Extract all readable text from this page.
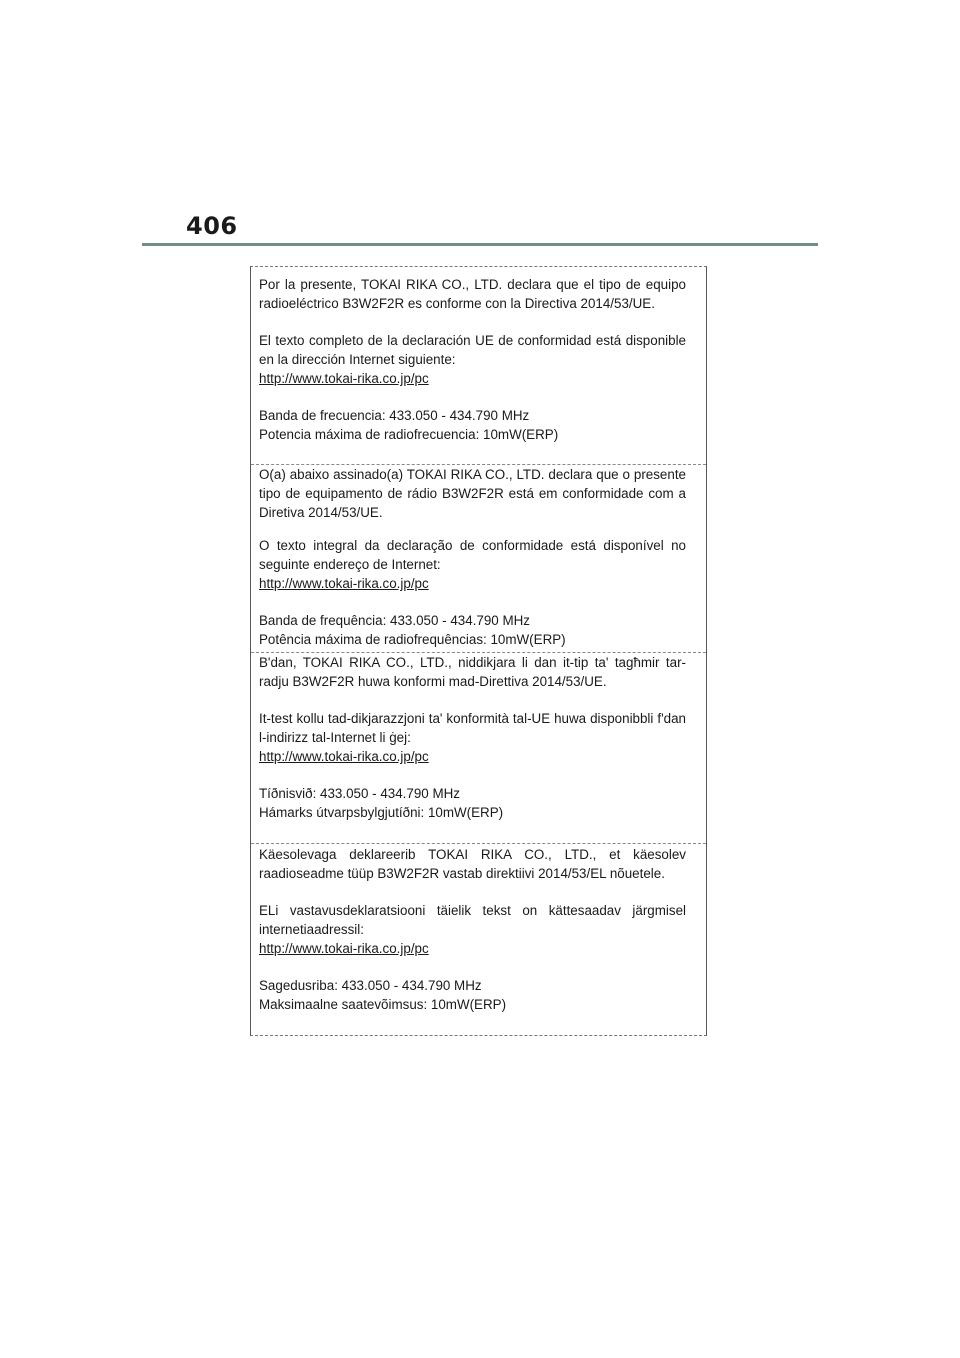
406

Por la presente, TOKAI RIKA CO., LTD. declara que el tipo de equipo radioeléctrico B3W2F2R es conforme con la Directiva 2014/53/UE.

El texto completo de la declaración UE de conformidad está disponible en la dirección Internet siguiente:

http://www.tokai-rika.co.jp/pc

Banda de frecuencia: 433.050 - 434.790 MHz

Potencia máxima de radiofrecuencia: 10mW(ERP)

O(a) abaixo assinado(a) TOKAI RIKA CO., LTD. declara que o presente tipo de equipamento de rádio B3W2F2R está em conformidade com a Diretiva 2014/53/UE.

O texto integral da declaração de conformidade está disponível no seguinte endereço de Internet:

http://www.tokai-rika.co.jp/pc

Banda de frequência: 433.050 - 434.790 MHz

Potência máxima de radiofrequências: 10mW(ERP)

B'dan, TOKAI RIKA CO., LTD., niddikjara li dan it-tip ta' tagħmir tar-radju B3W2F2R huwa konformi mad-Direttiva 2014/53/UE.

It-test kollu tad-dikjarazzjoni ta' konformità tal-UE huwa disponibbli f'dan l-indirizz tal-Internet li ġej:

http://www.tokai-rika.co.jp/pc

Tíðnisvið: 433.050 - 434.790 MHz

Hámarks útvarpsbylgjutíðni: 10mW(ERP)

Käesolevaga deklareerib TOKAI RIKA CO., LTD., et käesolev raadioseadme tüüp B3W2F2R vastab direktiivi 2014/53/EL nõuetele.

ELi vastavusdeklaratsiooni täielik tekst on kättesaadav järgmisel internetiaadressil:

http://www.tokai-rika.co.jp/pc

Sagedusriba: 433.050 - 434.790 MHz

Maksimaalne saatevõimsus: 10mW(ERP)
